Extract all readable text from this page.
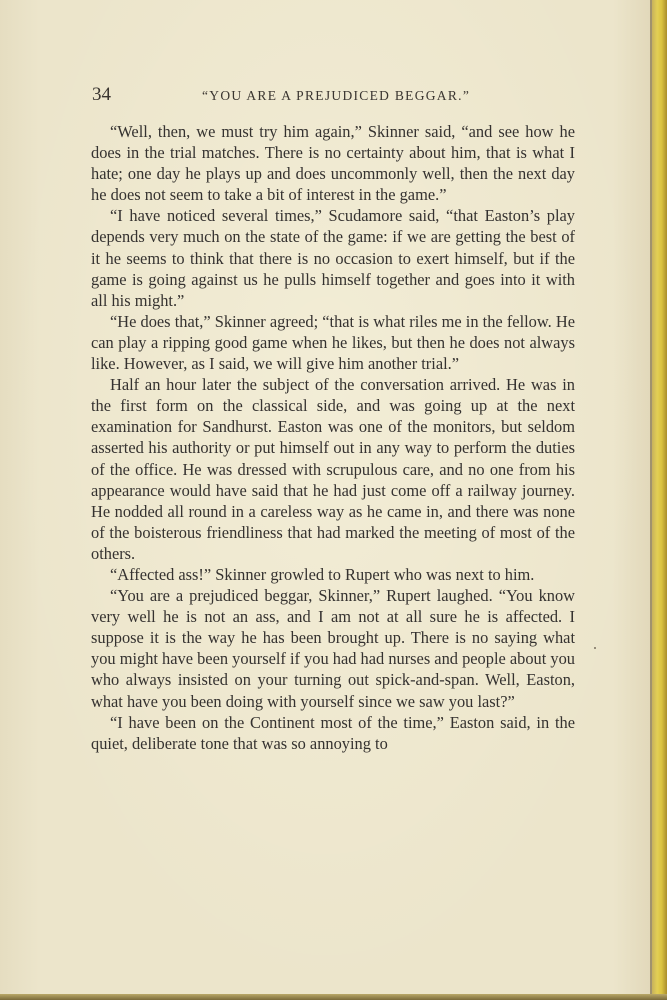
34	“YOU ARE A PREJUDICED BEGGAR.”

“Well, then, we must try him again,” Skinner said, “and see how he does in the trial matches. There is no certainty about him, that is what I hate; one day he plays up and does uncommonly well, then the next day he does not seem to take a bit of interest in the game.”

“I have noticed several times,” Scudamore said, “that Easton’s play depends very much on the state of the game: if we are getting the best of it he seems to think that there is no occasion to exert himself, but if the game is going against us he pulls himself together and goes into it with all his might.”

“He does that,” Skinner agreed; “that is what riles me in the fellow. He can play a ripping good game when he likes, but then he does not always like. However, as I said, we will give him another trial.”

Half an hour later the subject of the conversation arrived. He was in the first form on the classical side, and was going up at the next examination for Sandhurst. Easton was one of the monitors, but seldom asserted his authority or put himself out in any way to perform the duties of the office. He was dressed with scrupulous care, and no one from his appearance would have said that he had just come off a railway journey. He nodded all round in a careless way as he came in, and there was none of the boisterous friendliness that had marked the meeting of most of the others.

“Affected ass!” Skinner growled to Rupert who was next to him.

“You are a prejudiced beggar, Skinner,” Rupert laughed. “You know very well he is not an ass, and I am not at all sure he is affected. I suppose it is the way he has been brought up. There is no saying what you might have been yourself if you had had nurses and people about you who always insisted on your turning out spick-and-span. Well, Easton, what have you been doing with yourself since we saw you last?”

“I have been on the Continent most of the time,” Easton said, in the quiet, deliberate tone that was so annoying to
